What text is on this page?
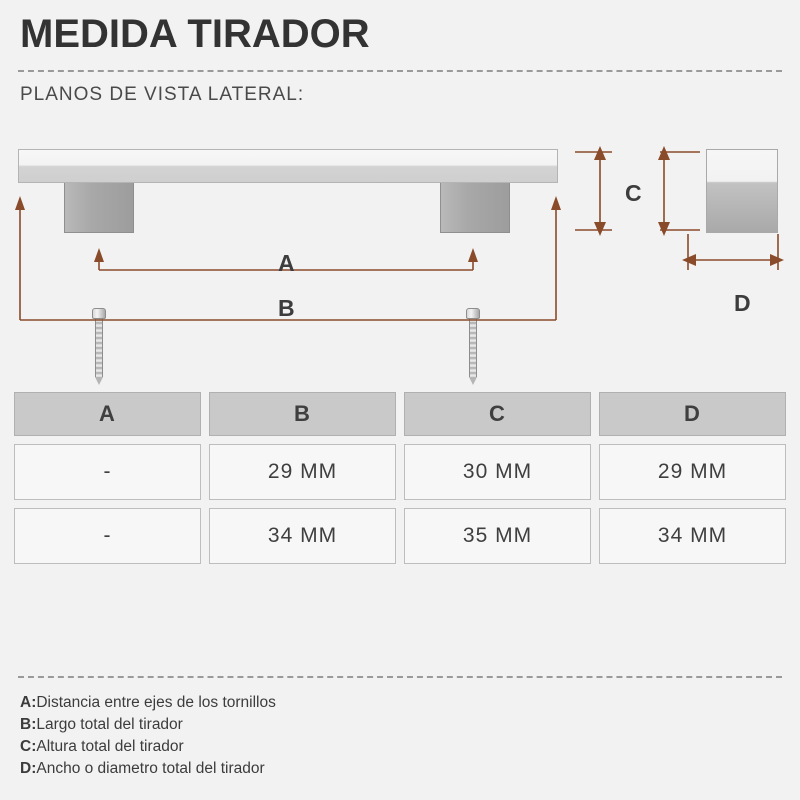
MEDIDA TIRADOR
PLANOS DE VISTA LATERAL:
A
B
C
D
A	B	C	D
-	29 MM	30 MM	29 MM
-	34 MM	35 MM	34 MM
A:Distancia entre ejes de los tornillos
B:Largo total del tirador
C:Altura total del tirador
D:Ancho o diametro total del tirador
